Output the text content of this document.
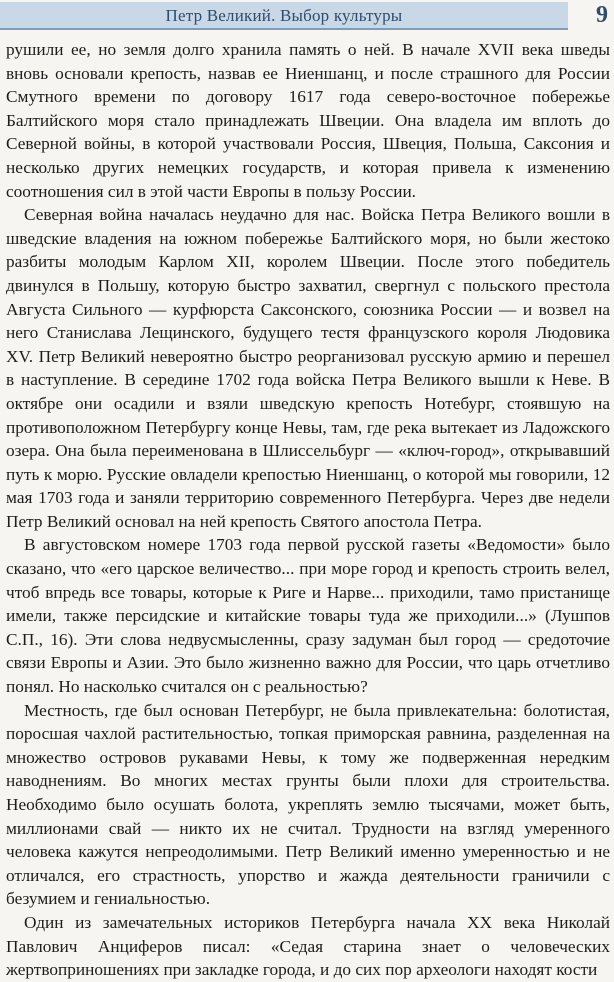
Петр Великий. Выбор культуры	9

рушили ее, но земля долго хранила память о ней. В начале XVII века шведы вновь основали крепость, назвав ее Ниеншанц, и после страшного для России Смутного времени по договору 1617 года северо-восточное побережье Балтийского моря стало принадлежать Швеции. Она владела им вплоть до Северной войны, в которой участвовали Россия, Швеция, Польша, Саксония и несколько других немецких государств, и которая привела к изменению соотношения сил в этой части Европы в пользу России.

Северная война началась неудачно для нас. Войска Петра Великого вошли в шведские владения на южном побережье Балтийского моря, но были жестоко разбиты молодым Карлом XII, королем Швеции. После этого победитель двинулся в Польшу, которую быстро захватил, свергнул с польского престола Августа Сильного — курфюрста Саксонского, союзника России — и возвел на него Станислава Лещинского, будущего тестя французского короля Людовика XV. Петр Великий невероятно быстро реорганизовал русскую армию и перешел в наступление. В середине 1702 года войска Петра Великого вышли к Неве. В октябре они осадили и взяли шведскую крепость Нотебург, стоявшую на противоположном Петербургу конце Невы, там, где река вытекает из Ладожского озера. Она была переименована в Шлиссельбург — «ключ-город», открывавший путь к морю. Русские овладели крепостью Ниеншанц, о которой мы говорили, 12 мая 1703 года и заняли территорию современного Петербурга. Через две недели Петр Великий основал на ней крепость Святого апостола Петра.

В августовском номере 1703 года первой русской газеты «Ведомости» было сказано, что «его царское величество... при море город и крепость строить велел, чтоб впредь все товары, которые к Риге и Нарве... приходили, тамо пристанище имели, также персидские и китайские товары туда же приходили...» (Лушпов С.П., 16). Эти слова недвусмысленны, сразу задуман был город — средоточие связи Европы и Азии. Это было жизненно важно для России, что царь отчетливо понял. Но насколько считался он с реальностью?

Местность, где был основан Петербург, не была привлекательна: болотистая, поросшая чахлой растительностью, топкая приморская равнина, разделенная на множество островов рукавами Невы, к тому же подверженная нередким наводнениям. Во многих местах грунты были плохи для строительства. Необходимо было осушать болота, укреплять землю тысячами, может быть, миллионами свай — никто их не считал. Трудности на взгляд умеренного человека кажутся непреодолимыми. Петр Великий именно умеренностью и не отличался, его страстность, упорство и жажда деятельности граничили с безумием и гениальностью.

Один из замечательных историков Петербурга начала XX века Николай Павлович Анциферов писал: «Седая старина знает о человеческих жертвоприношениях при закладке города, и до сих пор археологи находят кости
